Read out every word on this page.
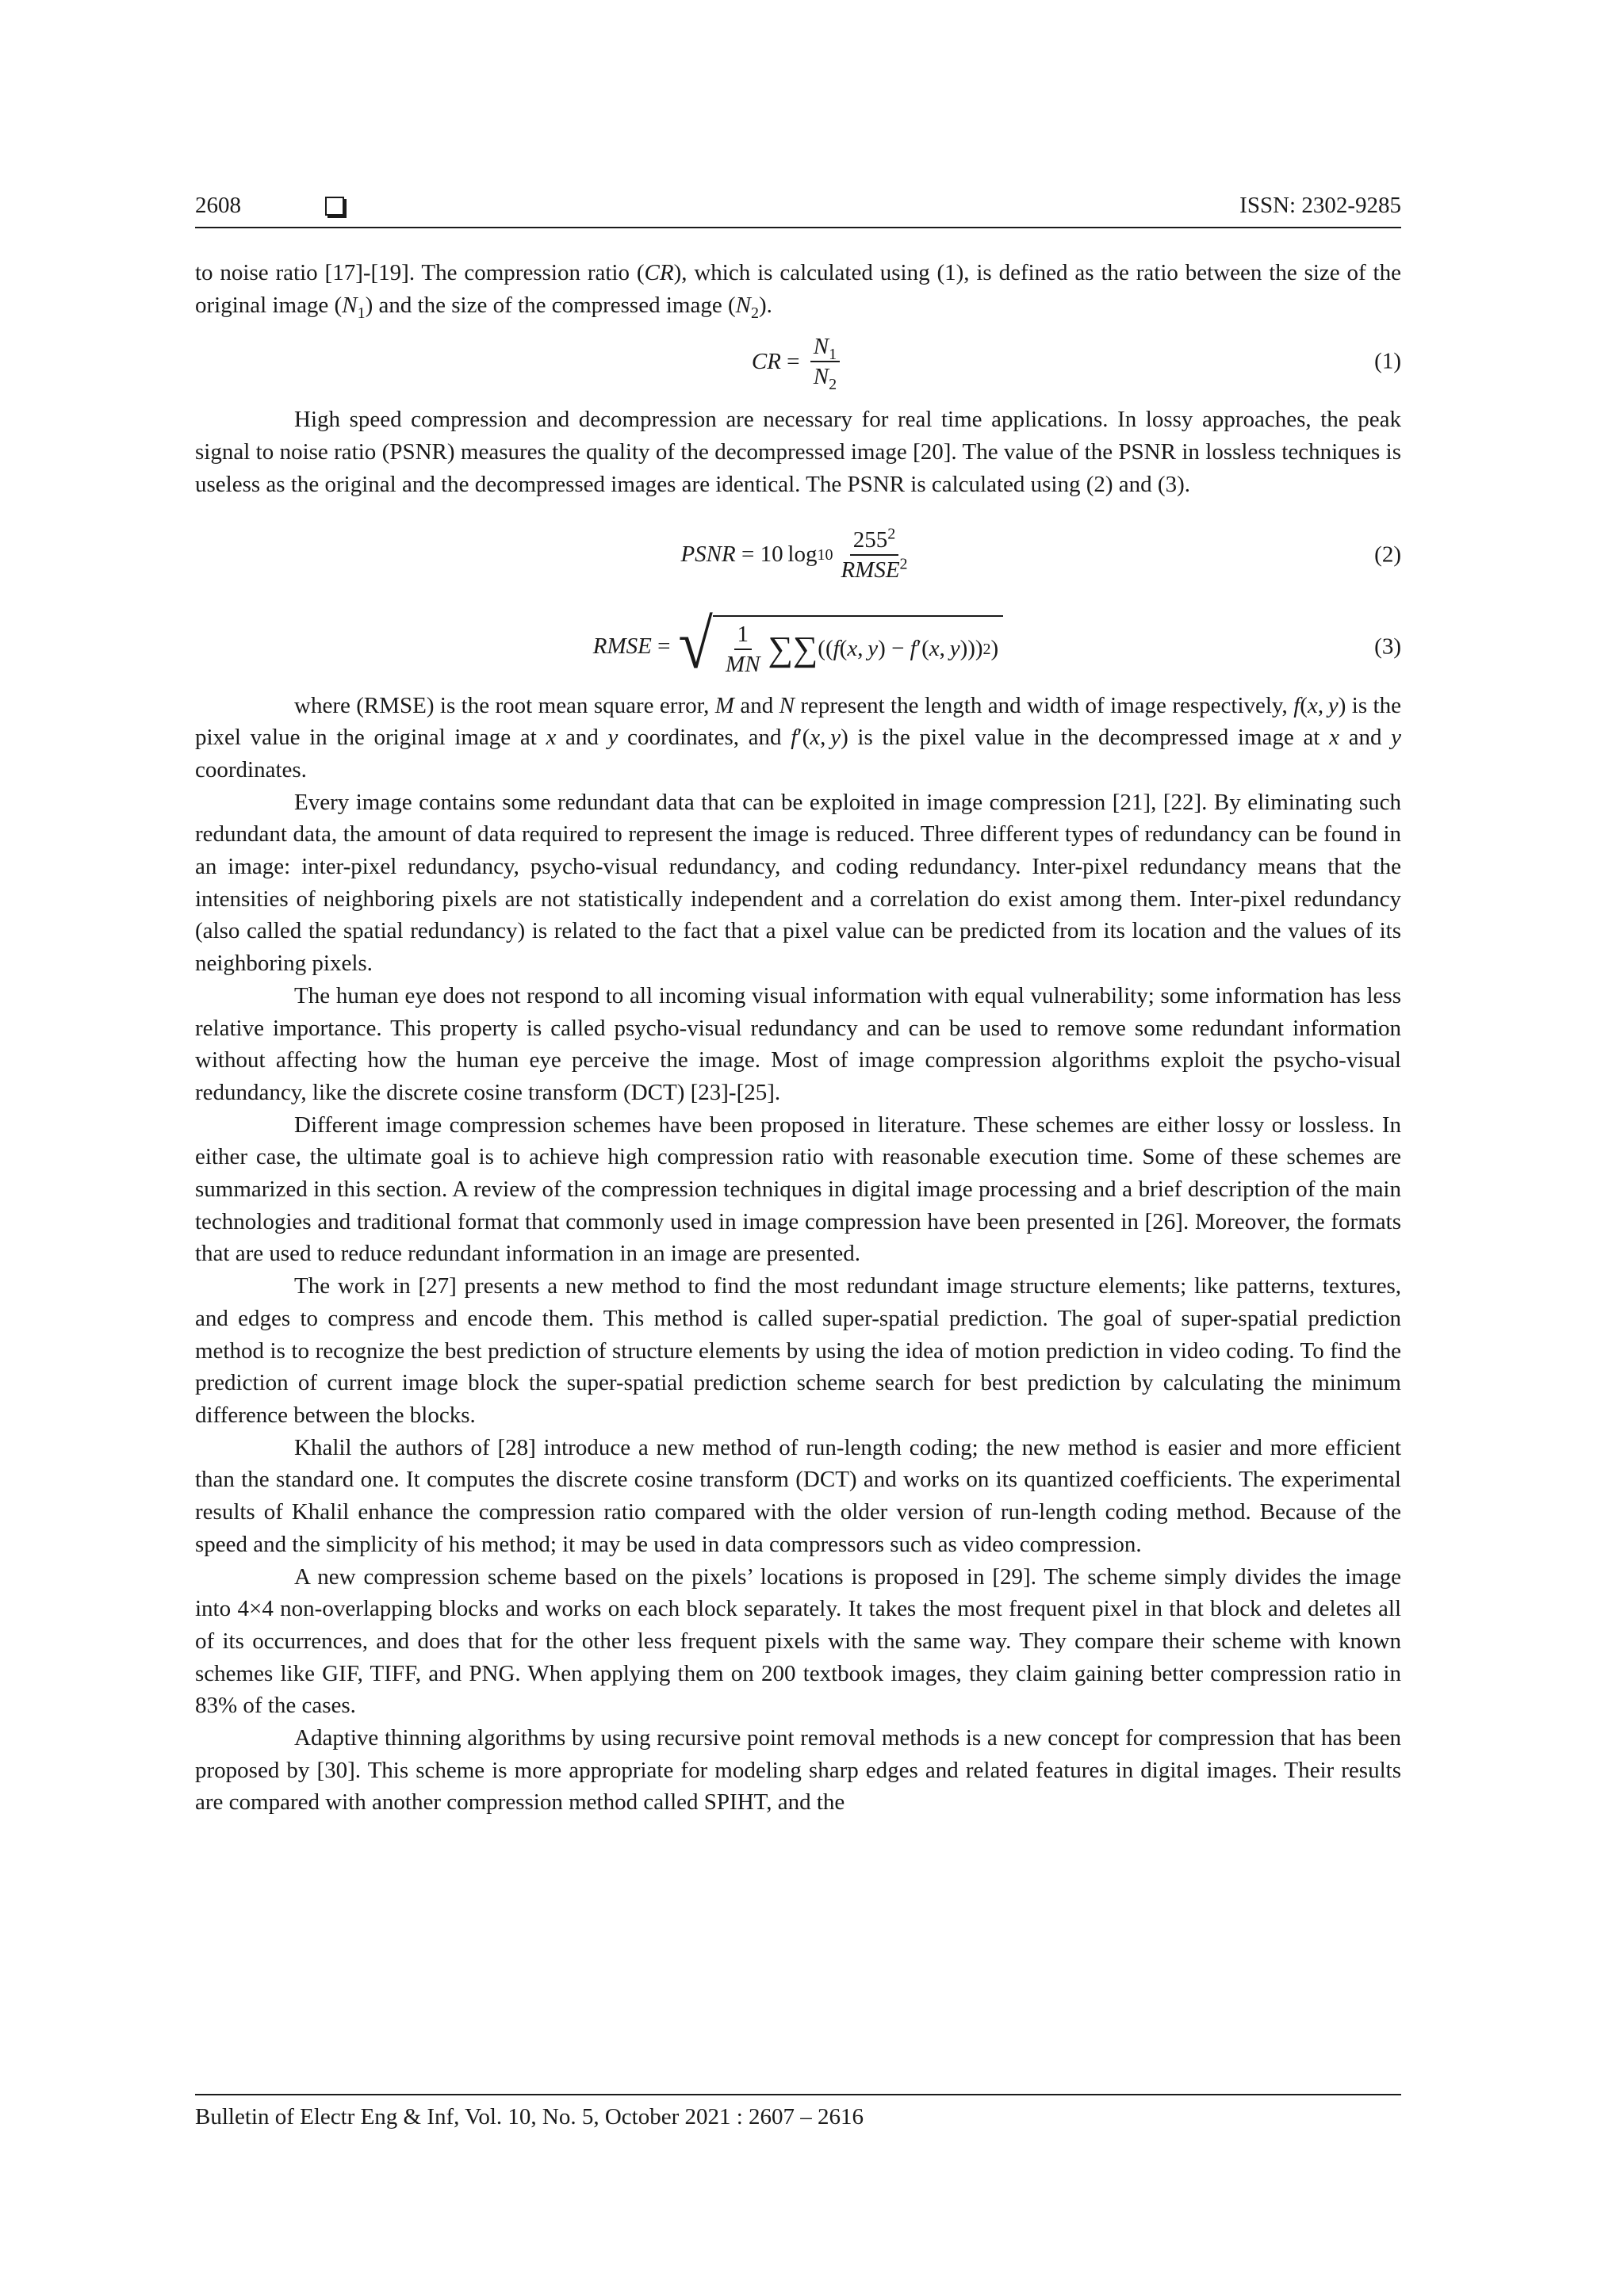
2608	ISSN: 2302-9285

to noise ratio [17]-[19]. The compression ratio (CR), which is calculated using (1), is defined as the ratio between the size of the original image $(N_1)$ and the size of the compressed image $(N_2)$.

CR = $\frac{N_1}{N_2}$	(1)

High speed compression and decompression are necessary for real time applications. In lossy approaches, the peak signal to noise ratio (PSNR) measures the quality of the decompressed image [20]. The value of the PSNR in lossless techniques is useless as the original and the decompressed images are identical. The PSNR is calculated using (2) and (3).

PSNR = 10 $\log 10 \frac{255^2}{RMSE^2}$	(2)
RMSE = √ $\frac{1}{MN}$ ∑ ∑ (( f ( x ,  y ) − f ′( x ,  y ))) 2 )	(3)

where (RMSE) is the root mean square error, M and N represent the length and width of image respectively, f(x, y) is the pixel value in the original image at x and y coordinates, and f′(x, y) is the pixel value in the decompressed image at x and y coordinates.

Every image contains some redundant data that can be exploited in image compression [21], [22]. By eliminating such redundant data, the amount of data required to represent the image is reduced. Three different types of redundancy can be found in an image: inter-pixel redundancy, psycho-visual redundancy, and coding redundancy. Inter-pixel redundancy means that the intensities of neighboring pixels are not statistically independent and a correlation do exist among them. Inter-pixel redundancy (also called the spatial redundancy) is related to the fact that a pixel value can be predicted from its location and the values of its neighboring pixels.

The human eye does not respond to all incoming visual information with equal vulnerability; some information has less relative importance. This property is called psycho-visual redundancy and can be used to remove some redundant information without affecting how the human eye perceive the image. Most of image compression algorithms exploit the psycho-visual redundancy, like the discrete cosine transform (DCT) [23]-[25].

Different image compression schemes have been proposed in literature. These schemes are either lossy or lossless. In either case, the ultimate goal is to achieve high compression ratio with reasonable execution time. Some of these schemes are summarized in this section. A review of the compression techniques in digital image processing and a brief description of the main technologies and traditional format that commonly used in image compression have been presented in [26]. Moreover, the formats that are used to reduce redundant information in an image are presented.

The work in [27] presents a new method to find the most redundant image structure elements; like patterns, textures, and edges to compress and encode them. This method is called super-spatial prediction. The goal of super-spatial prediction method is to recognize the best prediction of structure elements by using the idea of motion prediction in video coding. To find the prediction of current image block the super-spatial prediction scheme search for best prediction by calculating the minimum difference between the blocks.

Khalil the authors of [28] introduce a new method of run-length coding; the new method is easier and more efficient than the standard one. It computes the discrete cosine transform (DCT) and works on its quantized coefficients. The experimental results of Khalil enhance the compression ratio compared with the older version of run-length coding method. Because of the speed and the simplicity of his method; it may be used in data compressors such as video compression.

A new compression scheme based on the pixels’ locations is proposed in [29]. The scheme simply divides the image into 4×4 non-overlapping blocks and works on each block separately. It takes the most frequent pixel in that block and deletes all of its occurrences, and does that for the other less frequent pixels with the same way. They compare their scheme with known schemes like GIF, TIFF, and PNG. When applying them on 200 textbook images, they claim gaining better compression ratio in 83% of the cases.

Adaptive thinning algorithms by using recursive point removal methods is a new concept for compression that has been proposed by [30]. This scheme is more appropriate for modeling sharp edges and related features in digital images. Their results are compared with another compression method called SPIHT, and the

Bulletin of Electr Eng & Inf, Vol. 10, No. 5, October 2021 : 2607 – 2616
